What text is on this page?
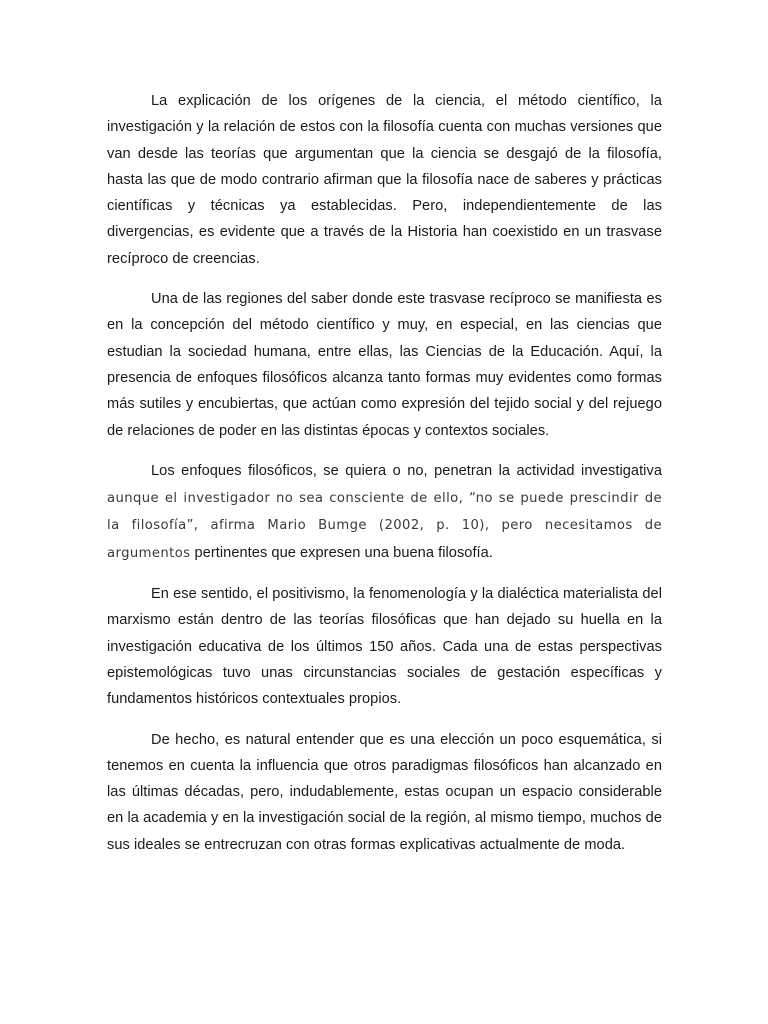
La explicación de los orígenes de la ciencia, el método científico, la investigación y la relación de estos con la filosofía cuenta con muchas versiones que van desde las teorías que argumentan que la ciencia se desgajó de la filosofía, hasta las que de modo contrario afirman que la filosofía nace de saberes y prácticas científicas y técnicas ya establecidas. Pero, independientemente de las divergencias, es evidente que a través de la Historia han coexistido en un trasvase recíproco de creencias.

Una de las regiones del saber donde este trasvase recíproco se manifiesta es en la concepción del método científico y muy, en especial, en las ciencias que estudian la sociedad humana, entre ellas, las Ciencias de la Educación. Aquí, la presencia de enfoques filosóficos alcanza tanto formas muy evidentes como formas más sutiles y encubiertas, que actúan como expresión del tejido social y del rejuego de relaciones de poder en las distintas épocas y contextos sociales.

Los enfoques filosóficos, se quiera o no, penetran la actividad investigativa aunque el investigador no sea consciente de ello, “no se puede prescindir de la filosofía”, afirma Mario Bumge (2002, p. 10), pero necesitamos de argumentos pertinentes que expresen una buena filosofía.

En ese sentido, el positivismo, la fenomenología y la dialéctica materialista del marxismo están dentro de las teorías filosóficas que han dejado su huella en la investigación educativa de los últimos 150 años. Cada una de estas perspectivas epistemológicas tuvo unas circunstancias sociales de gestación específicas y fundamentos históricos contextuales propios.

De hecho, es natural entender que es una elección un poco esquemática, si tenemos en cuenta la influencia que otros paradigmas filosóficos han alcanzado en las últimas décadas, pero, indudablemente, estas ocupan un espacio considerable en la academia y en la investigación social de la región, al mismo tiempo, muchos de sus ideales se entrecruzan con otras formas explicativas actualmente de moda.
